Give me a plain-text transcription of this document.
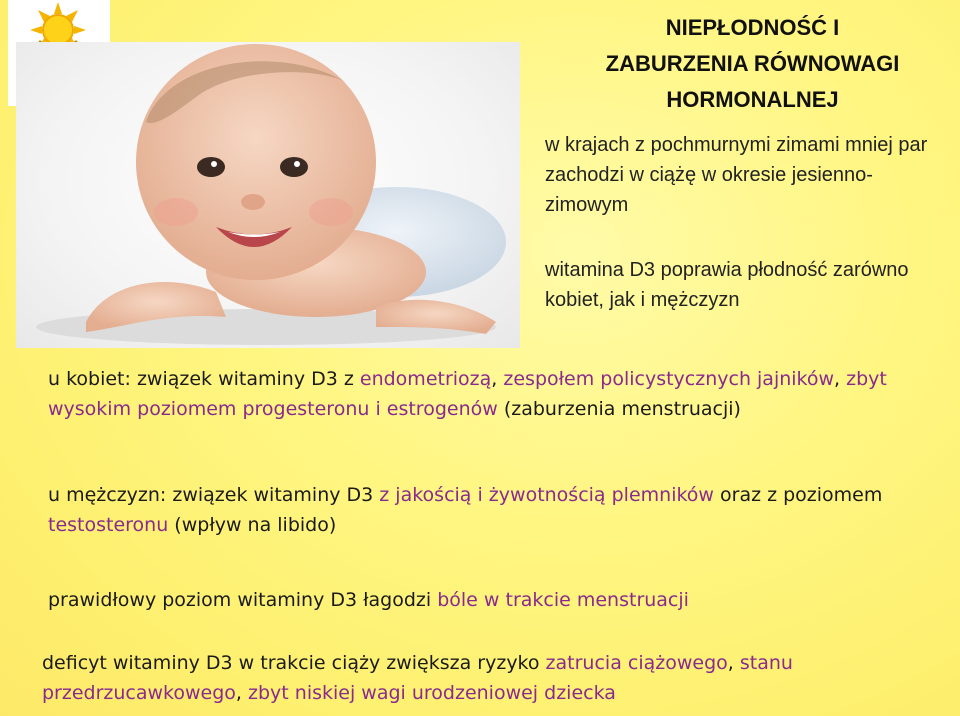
NIEPŁODNOŚĆ I
ZABURZENIA RÓWNOWAGI
HORMONALNEJ
w krajach z pochmurnymi zimami mniej par zachodzi w ciążę w okresie jesienno-zimowym
witamina D3 poprawia płodność zarówno kobiet, jak i mężczyzn
u kobiet: związek witaminy D3 z endometriozą, zespołem policystycznych jajników, zbyt wysokim poziomem progesteronu i estrogenów (zaburzenia menstruacji)
u mężczyzn: związek witaminy D3 z jakością i żywotnością plemników oraz z poziomem testosteronu (wpływ na libido)
prawidłowy poziom witaminy D3 łagodzi bóle w trakcie menstruacji
deficyt witaminy D3 w trakcie ciąży zwiększa ryzyko zatrucia ciążowego, stanu przedrzucawkowego, zbyt niskiej wagi urodzeniowej dziecka
